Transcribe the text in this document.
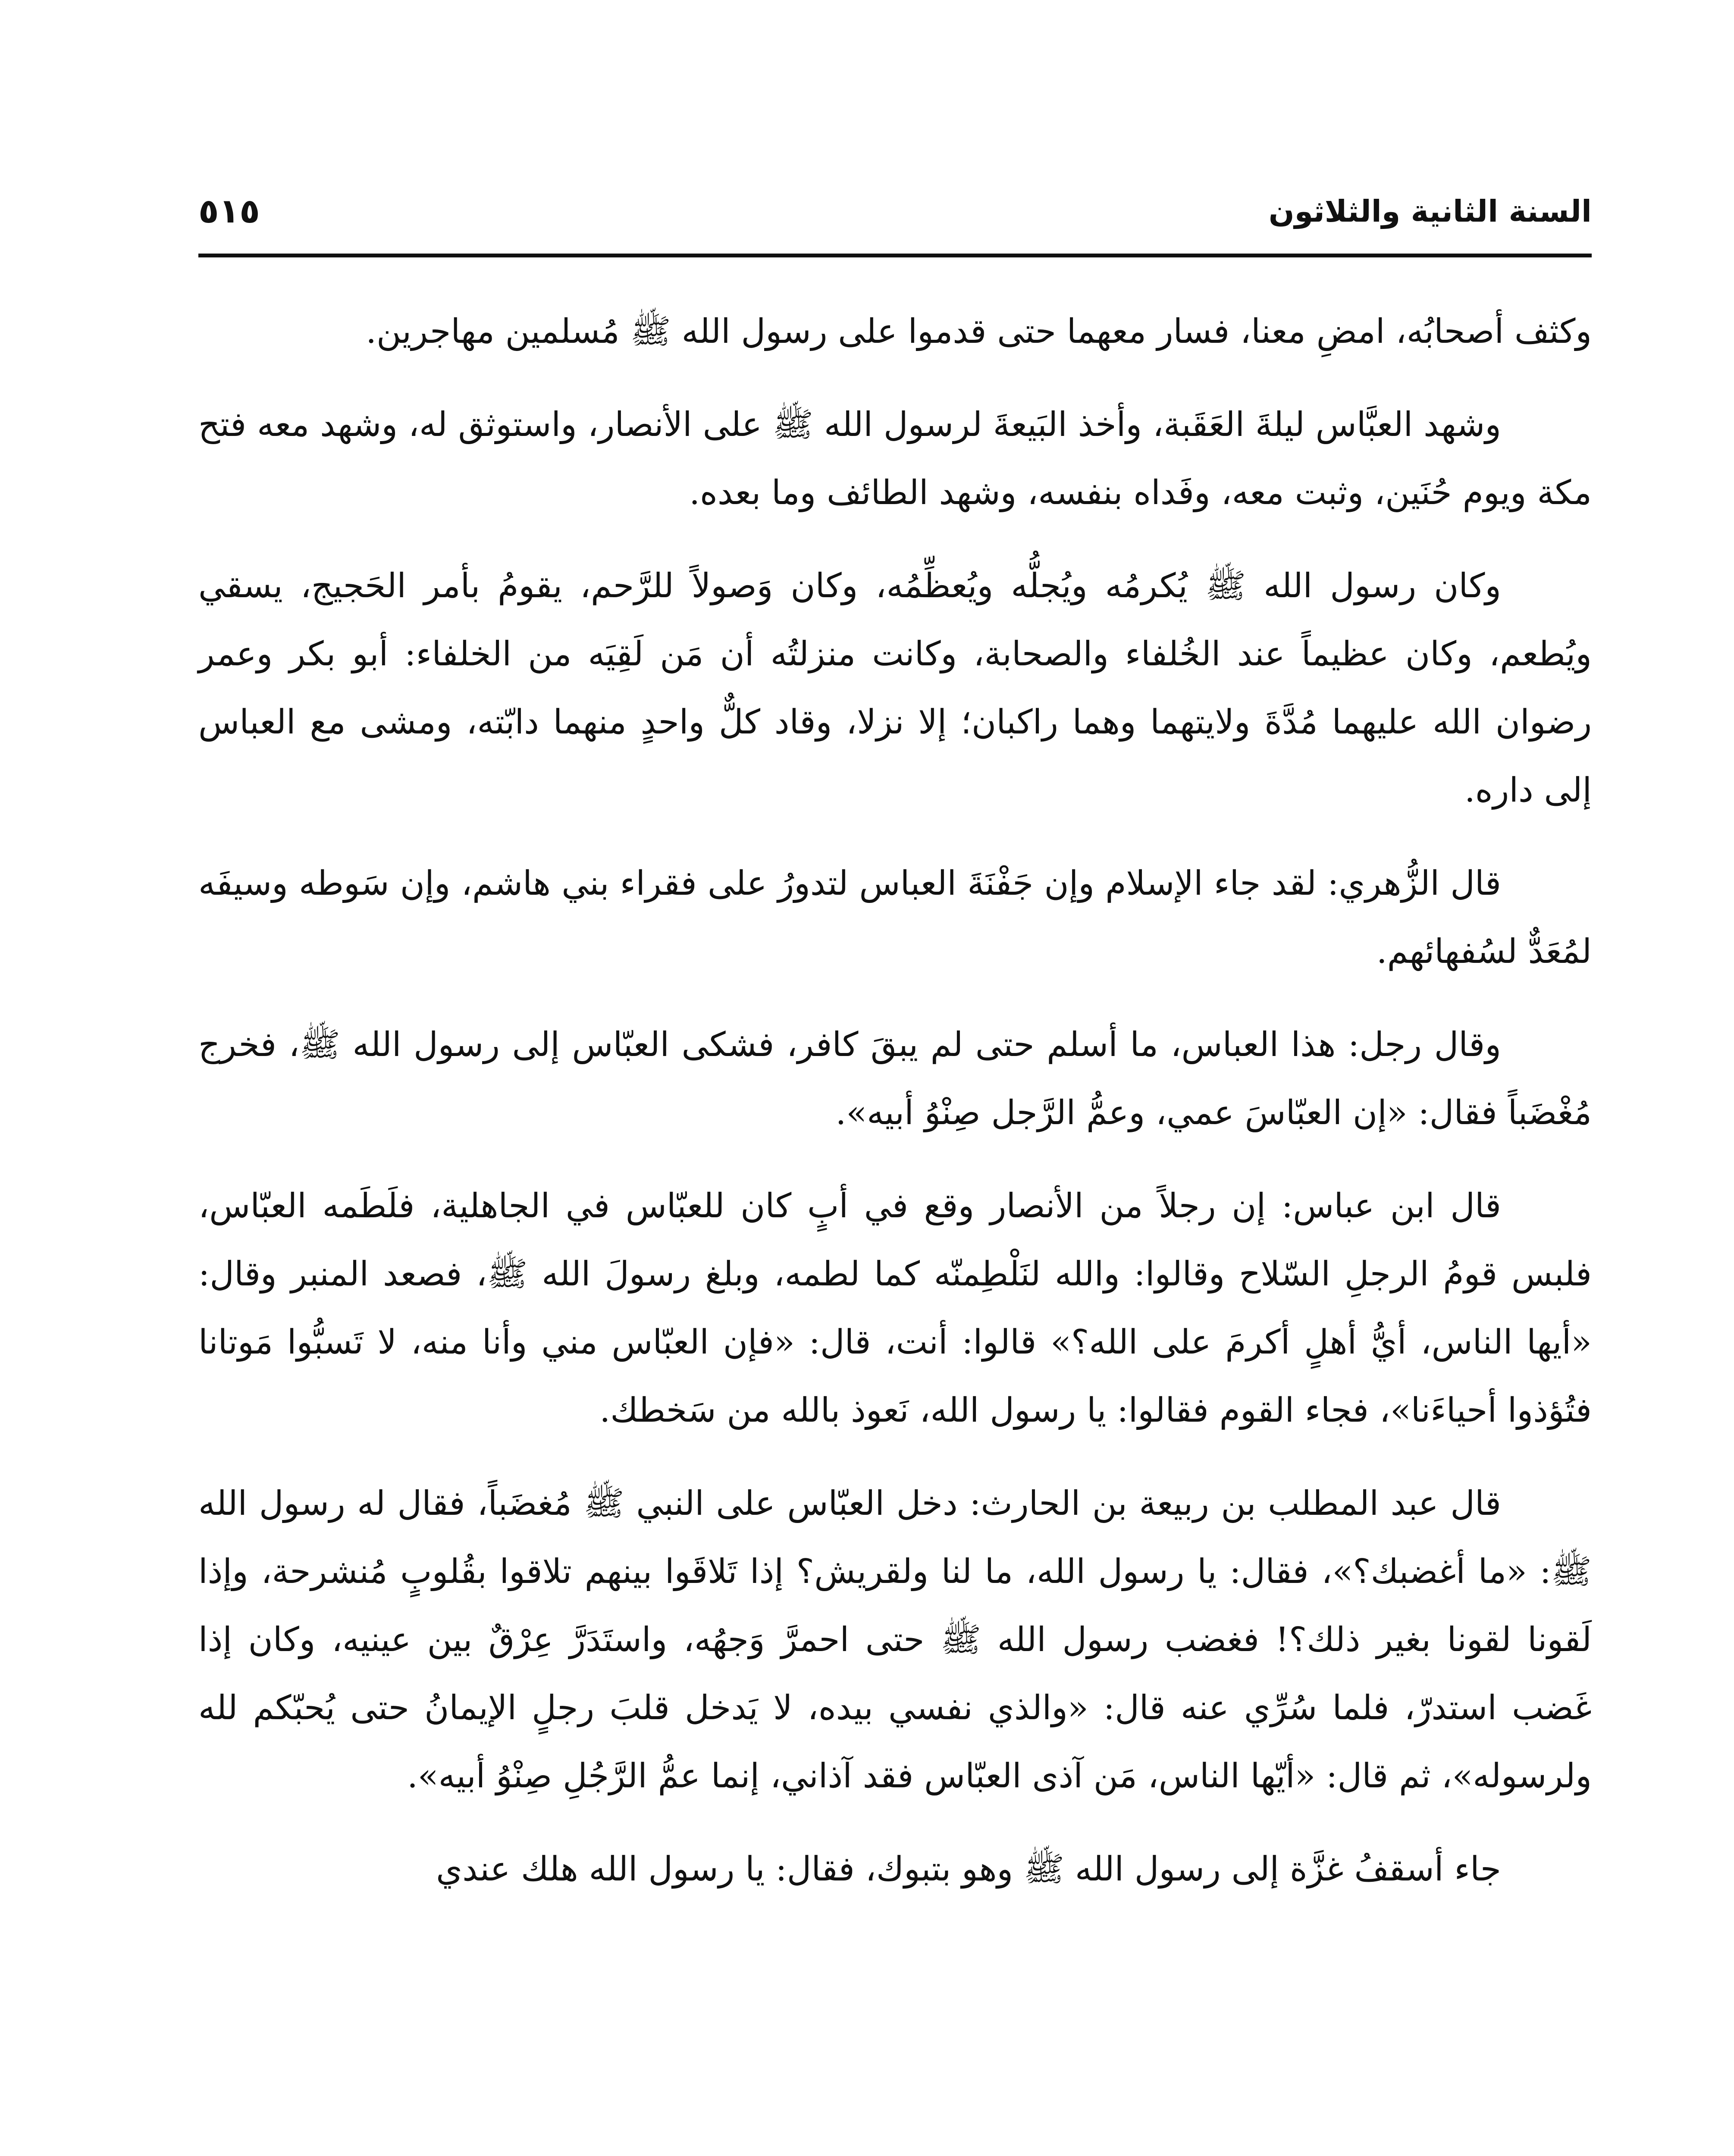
السنة الثانية والثلاثون
٥١٥

وكثف أصحابُه، امضِ معنا، فسار معهما حتى قدموا على رسول الله ﷺ مُسلمين مهاجرين.

وشهد العبَّاس ليلةَ العَقَبة، وأخذ البَيعةَ لرسول الله ﷺ على الأنصار، واستوثق له، وشهد معه فتح مكة ويوم حُنَين، وثبت معه، وفَداه بنفسه، وشهد الطائف وما بعده.

وكان رسول الله ﷺ يُكرمُه ويُجلُّه ويُعظِّمُه، وكان وَصولاً للرَّحم، يقومُ بأمر الحَجيج، يسقي ويُطعم، وكان عظيماً عند الخُلفاء والصحابة، وكانت منزلتُه أن مَن لَقِيَه من الخلفاء: أبو بكر وعمر رضوان الله عليهما مُدَّةَ ولايتهما وهما راكبان؛ إلا نزلا، وقاد كلٌّ واحدٍ منهما دابّته، ومشى مع العباس إلى داره.

قال الزُّهري: لقد جاء الإسلام وإن جَفْنَةَ العباس لتدورُ على فقراء بني هاشم، وإن سَوطه وسيفَه لمُعَدٌّ لسُفهائهم.

وقال رجل: هذا العباس، ما أسلم حتى لم يبقَ كافر، فشكى العبّاس إلى رسول الله ﷺ، فخرج مُغْضَباً فقال: «إن العبّاسَ عمي، وعمُّ الرَّجل صِنْوُ أبيه».

قال ابن عباس: إن رجلاً من الأنصار وقع في أبٍ كان للعبّاس في الجاهلية، فلَطَمه العبّاس، فلبس قومُ الرجلِ السّلاح وقالوا: والله لنَلْطِمنّه كما لطمه، وبلغ رسولَ الله ﷺ، فصعد المنبر وقال: «أيها الناس، أيُّ أهلٍ أكرمَ على الله؟» قالوا: أنت، قال: «فإن العبّاس مني وأنا منه، لا تَسبُّوا مَوتانا فتُؤذوا أحياءَنا»، فجاء القوم فقالوا: يا رسول الله، نَعوذ بالله من سَخطك.

قال عبد المطلب بن ربيعة بن الحارث: دخل العبّاس على النبي ﷺ مُغضَباً، فقال له رسول الله ﷺ: «ما أغضبك؟»، فقال: يا رسول الله، ما لنا ولقريش؟ إذا تَلاقَوا بينهم تلاقوا بقُلوبٍ مُنشرحة، وإذا لَقونا لقونا بغير ذلك؟! فغضب رسول الله ﷺ حتى احمرَّ وَجهُه، واستَدَرَّ عِرْقٌ بين عينيه، وكان إذا غَضب استدرّ، فلما سُرِّي عنه قال: «والذي نفسي بيده، لا يَدخل قلبَ رجلٍ الإيمانُ حتى يُحبّكم لله ولرسوله»، ثم قال: «أيّها الناس، مَن آذى العبّاس فقد آذاني، إنما عمُّ الرَّجُلِ صِنْوُ أبيه».

جاء أسقفُ غزَّة إلى رسول الله ﷺ وهو بتبوك، فقال: يا رسول الله هلك عندي
